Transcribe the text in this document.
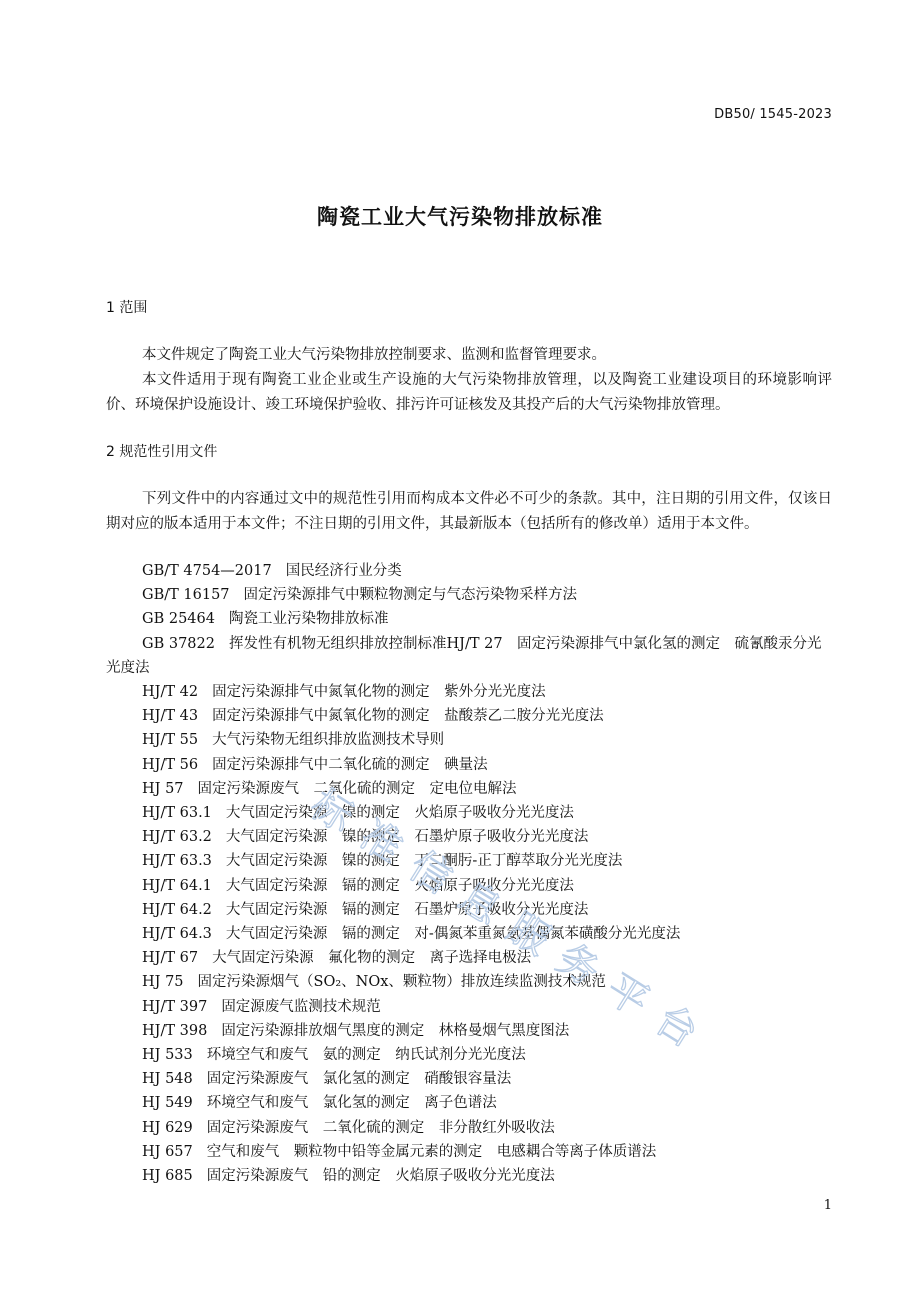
DB50/ 1545-2023
陶瓷工业大气污染物排放标准
1 范围

本文件规定了陶瓷工业大气污染物排放控制要求、监测和监督管理要求。

本文件适用于现有陶瓷工业企业或生产设施的大气污染物排放管理，以及陶瓷工业建设项目的环境影响评价、环境保护设施设计、竣工环境保护验收、排污许可证核发及其投产后的大气污染物排放管理。

2 规范性引用文件

下列文件中的内容通过文中的规范性引用而构成本文件必不可少的条款。其中，注日期的引用文件，仅该日期对应的版本适用于本文件；不注日期的引用文件，其最新版本（包括所有的修改单）适用于本文件。

GB/T 4754—2017 国民经济行业分类
GB/T 16157 固定污染源排气中颗粒物测定与气态污染物采样方法
GB 25464 陶瓷工业污染物排放标准
GB 37822 挥发性有机物无组织排放控制标准HJ/T 27　固定污染源排气中氯化氢的测定　硫氰酸汞分光光度法
HJ/T 42 固定污染源排气中氮氧化物的测定　紫外分光光度法
HJ/T 43 固定污染源排气中氮氧化物的测定　盐酸萘乙二胺分光光度法
HJ/T 55 大气污染物无组织排放监测技术导则
HJ/T 56 固定污染源排气中二氧化硫的测定　碘量法
HJ 57 固定污染源废气　二氧化硫的测定　定电位电解法
HJ/T 63.1 大气固定污染源　镍的测定　火焰原子吸收分光光度法
HJ/T 63.2 大气固定污染源　镍的测定　石墨炉原子吸收分光光度法
HJ/T 63.3 大气固定污染源　镍的测定　丁二酮肟-正丁醇萃取分光光度法
HJ/T 64.1 大气固定污染源　镉的测定　火焰原子吸收分光光度法
HJ/T 64.2 大气固定污染源　镉的测定　石墨炉原子吸收分光光度法
HJ/T 64.3 大气固定污染源　镉的测定　对-偶氮苯重氮氨基偶氮苯磺酸分光光度法
HJ/T 67 大气固定污染源　氟化物的测定　离子选择电极法
HJ 75 固定污染源烟气（SO₂、NOx、颗粒物）排放连续监测技术规范
HJ/T 397 固定源废气监测技术规范
HJ/T 398 固定污染源排放烟气黑度的测定　林格曼烟气黑度图法
HJ 533 环境空气和废气　氨的测定　纳氏试剂分光光度法
HJ 548 固定污染源废气　氯化氢的测定　硝酸银容量法
HJ 549 环境空气和废气　氯化氢的测定　离子色谱法
HJ 629 固定污染源废气　二氧化硫的测定　非分散红外吸收法
HJ 657 空气和废气　颗粒物中铅等金属元素的测定　电感耦合等离子体质谱法
HJ 685 固定污染源废气　铅的测定　火焰原子吸收分光光度法
标
准
信
息
服
务
平
台
1
